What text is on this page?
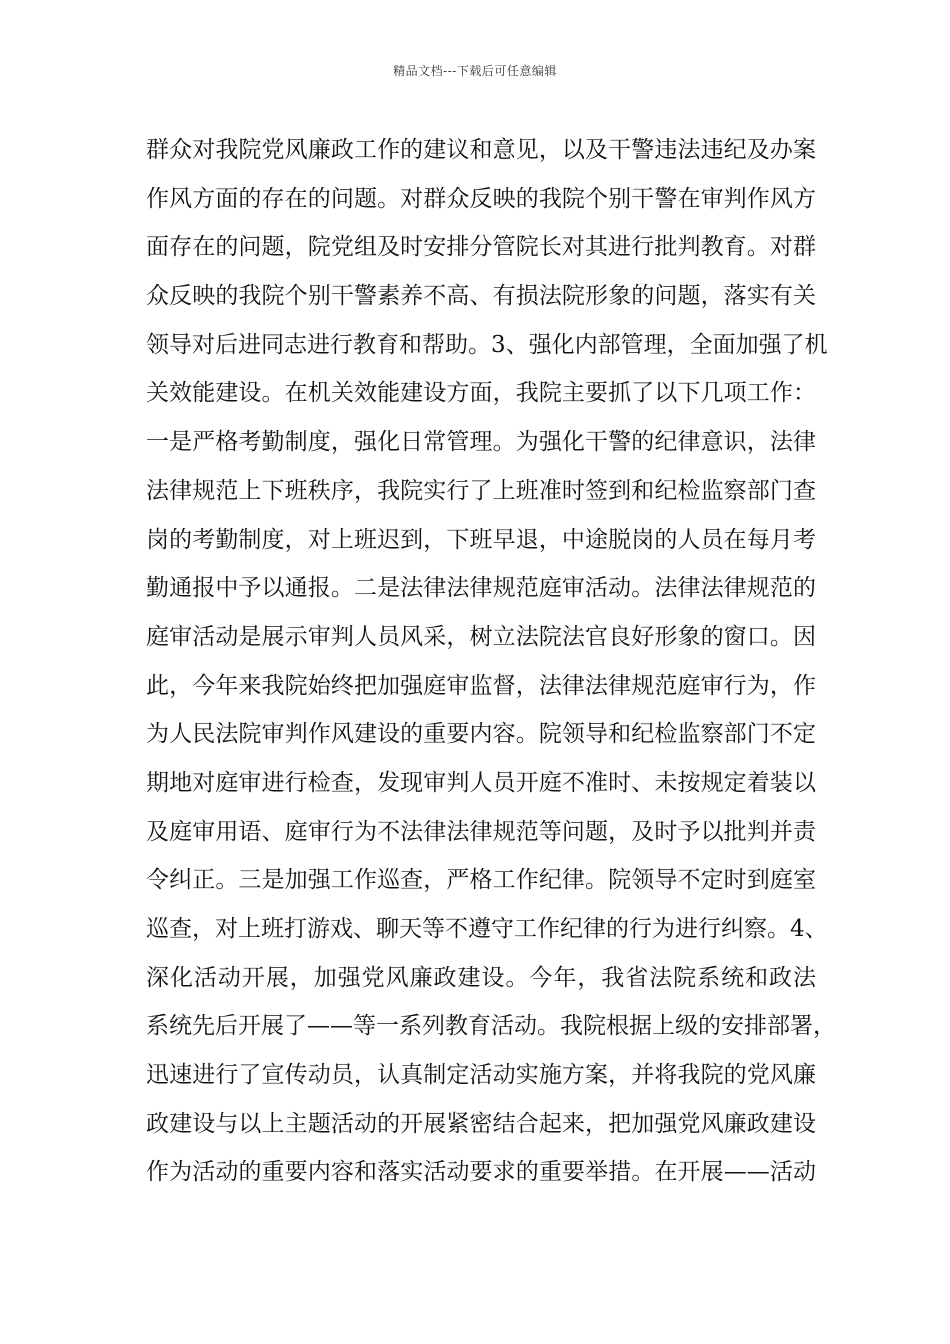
精品文档---下载后可任意编辑
群众对我院党风廉政工作的建议和意见，以及干警违法违纪及办案
作风方面的存在的问题。对群众反映的我院个别干警在审判作风方
面存在的问题，院党组及时安排分管院长对其进行批判教育。对群
众反映的我院个别干警素养不高、有损法院形象的问题，落实有关
领导对后进同志进行教育和帮助。3、强化内部管理，全面加强了机
关效能建设。在机关效能建设方面，我院主要抓了以下几项工作：
一是严格考勤制度，强化日常管理。为强化干警的纪律意识，法律
法律规范上下班秩序，我院实行了上班准时签到和纪检监察部门查
岗的考勤制度，对上班迟到，下班早退，中途脱岗的人员在每月考
勤通报中予以通报。二是法律法律规范庭审活动。法律法律规范的
庭审活动是展示审判人员风采，树立法院法官良好形象的窗口。因
此，今年来我院始终把加强庭审监督，法律法律规范庭审行为，作
为人民法院审判作风建设的重要内容。院领导和纪检监察部门不定
期地对庭审进行检查，发现审判人员开庭不准时、未按规定着装以
及庭审用语、庭审行为不法律法律规范等问题，及时予以批判并责
令纠正。三是加强工作巡查，严格工作纪律。院领导不定时到庭室
巡查，对上班打游戏、聊天等不遵守工作纪律的行为进行纠察。4、
深化活动开展，加强党风廉政建设。今年，我省法院系统和政法
系统先后开展了——等一系列教育活动。我院根据上级的安排部署，
迅速进行了宣传动员，认真制定活动实施方案，并将我院的党风廉
政建设与以上主题活动的开展紧密结合起来，把加强党风廉政建设
作为活动的重要内容和落实活动要求的重要举措。在开展——活动
